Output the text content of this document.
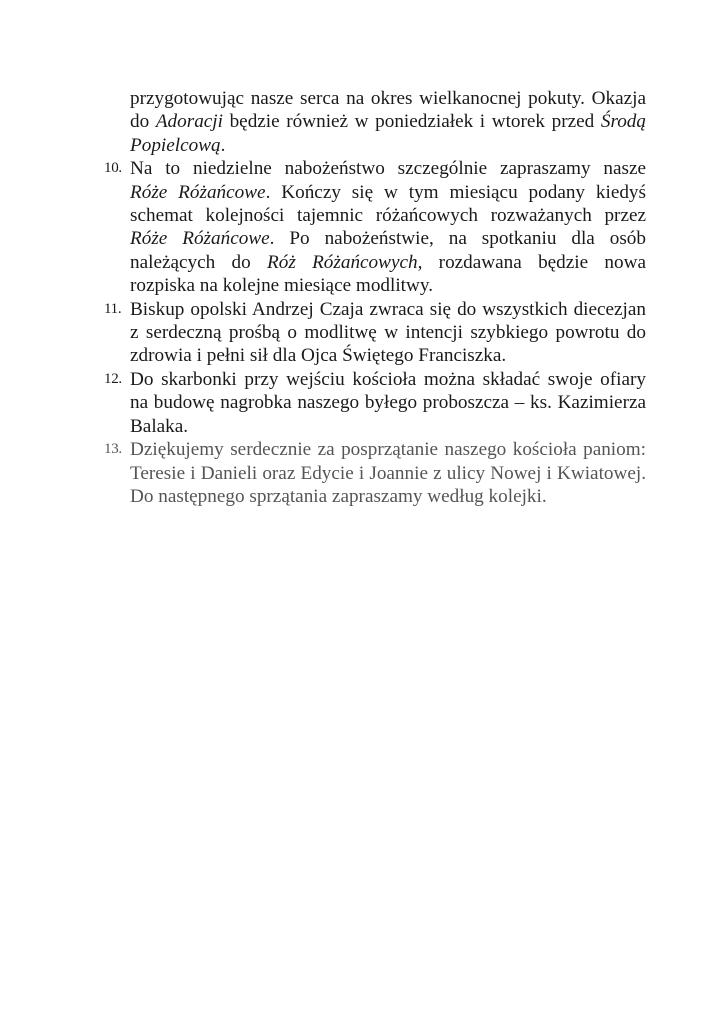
przygotowując nasze serca na okres wielkanocnej pokuty. Okazja
do Adoracji będzie również w poniedziałek i wtorek przed Środą
Popielcową.
10. Na to niedzielne nabożeństwo szczególnie zapraszamy nasze
Róże Różańcowe. Kończy się w tym miesiącu podany kiedyś
schemat kolejności tajemnic różańcowych rozważanych przez
Róże Różańcowe. Po nabożeństwie, na spotkaniu dla osób
należących do Róż Różańcowych, rozdawana będzie nowa
rozpiska na kolejne miesiące modlitwy.
11. Biskup opolski Andrzej Czaja zwraca się do wszystkich diecezjan
z serdeczną prośbą o modlitwę w intencji szybkiego powrotu do
zdrowia i pełni sił dla Ojca Świętego Franciszka.
12. Do skarbonki przy wejściu kościoła można składać swoje ofiary
na budowę nagrobka naszego byłego proboszcza – ks. Kazimierza
Balaka.
13. Dziękujemy serdecznie za posprzątanie naszego kościoła paniom:
Teresie i Danieli oraz Edycie i Joannie z ulicy Nowej i Kwiatowej.
Do następnego sprzątania zapraszamy według kolejki.
